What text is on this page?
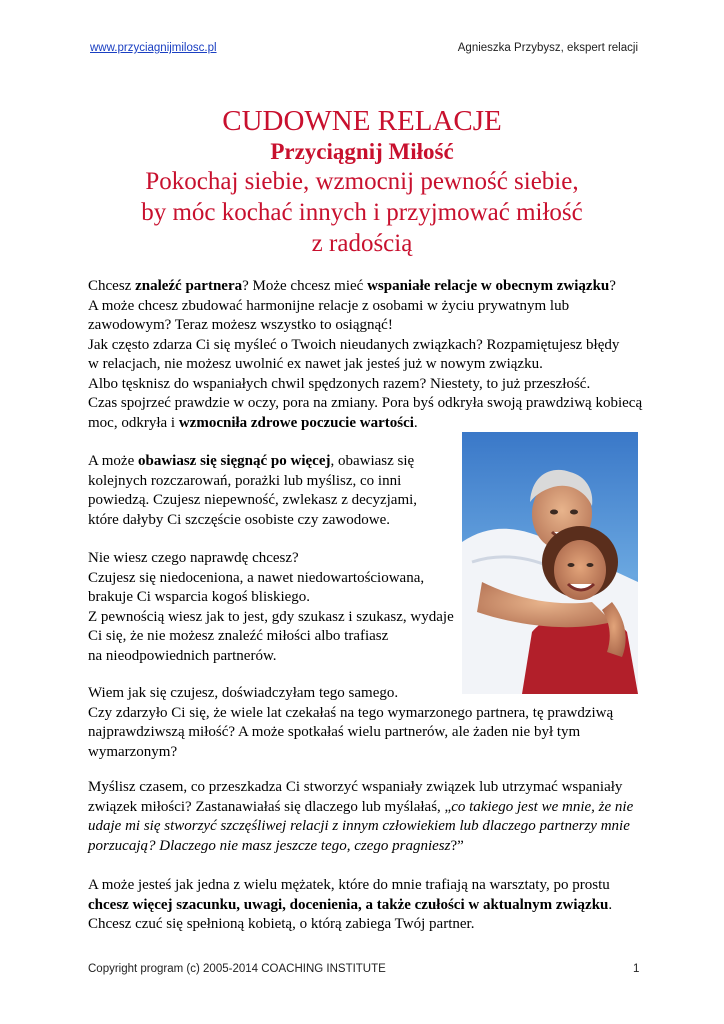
www.przyciagnijmilosc.pl	Agnieszka Przybysz, ekspert relacji
CUDOWNE RELACJE
Przyciągnij Miłość
Pokochaj siebie, wzmocnij pewność siebie,
by móc kochać innych i przyjmować miłość
z radością
Chcesz znaleźć partnera? Może chcesz mieć wspaniałe relacje w obecnym związku?
A może chcesz zbudować harmonijne relacje z osobami w życiu prywatnym lub
zawodowym? Teraz możesz wszystko to osiągnąć!
Jak często zdarza Ci się myśleć o Twoich nieudanych związkach? Rozpamiętujesz błędy
w relacjach, nie możesz uwolnić ex nawet jak jesteś już w nowym związku.
Albo tęsknisz do wspaniałych chwil spędzonych razem? Niestety, to już przeszłość.
Czas spojrzeć prawdzie w oczy, pora na zmiany. Pora byś odkryła swoją prawdziwą kobiecą
moc, odkryła i wzmocniła zdrowe poczucie wartości.
A może obawiasz się sięgnąć po więcej, obawiasz się
kolejnych rozczarowań, porażki lub myślisz, co inni
powiedzą. Czujesz niepewność, zwlekasz z decyzjami,
które dałyby Ci szczęście osobiste czy zawodowe.
Nie wiesz czego naprawdę chcesz?
Czujesz się niedoceniona, a nawet niedowartościowana,
brakuje Ci wsparcia kogoś bliskiego.
Z pewnością wiesz jak to jest, gdy szukasz i szukasz, wydaje
Ci się, że nie możesz znaleźć miłości albo trafiasz
na nieodpowiednich partnerów.
Wiem jak się czujesz, doświadczyłam tego samego.
Czy zdarzyło Ci się, że wiele lat czekałaś na tego wymarzonego partnera, tę prawdziwą
najprawdziwszą miłość? A może spotkałaś wielu partnerów, ale żaden nie był tym
wymarzonym?
Myślisz czasem, co przeszkadza Ci stworzyć wspaniały związek lub utrzymać wspaniały
związek miłości? Zastanawiałaś się dlaczego lub myślałaś, „co takiego jest we mnie, że nie
udaje mi się stworzyć szczęśliwej relacji z innym człowiekiem lub dlaczego partnerzy mnie
porzucają? Dlaczego nie masz jeszcze tego, czego pragniesz?”
A może jesteś jak jedna z wielu mężatek, które do mnie trafiają na warsztaty, po prostu
chcesz więcej szacunku, uwagi, docenienia, a także czułości w aktualnym związku.
Chcesz czuć się spełnioną kobietą, o którą zabiega Twój partner.
Copyright program (c) 2005-2014 COACHING INSTITUTE	1
